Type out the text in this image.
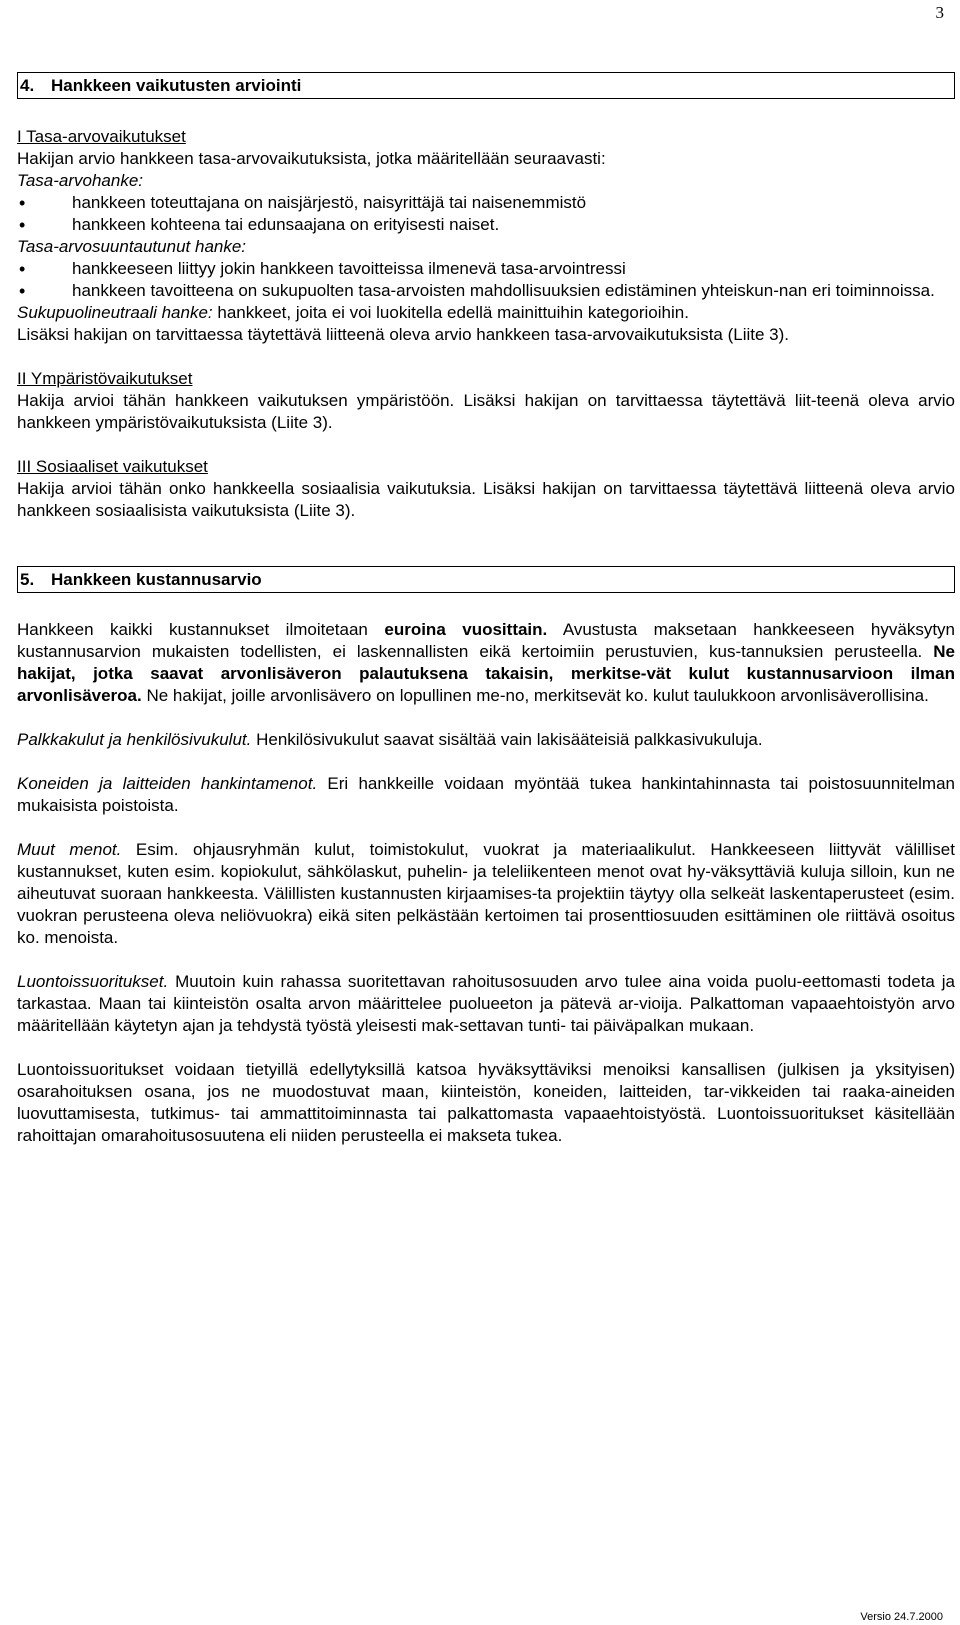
3
4. Hankkeen vaikutusten arviointi

I Tasa-arvovaikutukset

Hakijan arvio hankkeen tasa-arvovaikutuksista, jotka määritellään seuraavasti:

Tasa-arvohanke:

• hankkeen toteuttajana on naisjärjestö, naisyrittäjä tai naisenemmistö
• hankkeen kohteena tai edunsaajana on erityisesti naiset.

Tasa-arvosuuntautunut hanke:

• hankkeeseen liittyy jokin hankkeen tavoitteissa ilmenevä tasa-arvointressi
• hankkeen tavoitteena on sukupuolten tasa-arvoisten mahdollisuuksien edistäminen yhteiskun-nan eri toiminnoissa.

Sukupuolineutraali hanke: hankkeet, joita ei voi luokitella edellä mainittuihin kategorioihin.

Lisäksi hakijan on tarvittaessa täytettävä liitteenä oleva arvio hankkeen tasa-arvovaikutuksista (Liite 3).

II Ympäristövaikutukset

Hakija arvioi tähän hankkeen vaikutuksen ympäristöön. Lisäksi hakijan on tarvittaessa täytettävä liit-teenä oleva arvio hankkeen ympäristövaikutuksista (Liite 3).

III Sosiaaliset vaikutukset

Hakija arvioi tähän onko hankkeella sosiaalisia vaikutuksia. Lisäksi hakijan on tarvittaessa täytettävä liitteenä oleva arvio hankkeen sosiaalisista vaikutuksista (Liite 3).

5. Hankkeen kustannusarvio

Hankkeen kaikki kustannukset ilmoitetaan euroina vuosittain. Avustusta maksetaan hankkeeseen hyväksytyn kustannusarvion mukaisten todellisten, ei laskennallisten eikä kertoimiin perustuvien, kus-tannuksien perusteella. Ne hakijat, jotka saavat arvonlisäveron palautuksena takaisin, merkitse-vät kulut kustannusarvioon ilman arvonlisäveroa. Ne hakijat, joille arvonlisävero on lopullinen me-no, merkitsevät ko. kulut taulukkoon arvonlisäverollisina.

Palkkakulut ja henkilösivukulut. Henkilösivukulut saavat sisältää vain lakisääteisiä palkkasivukuluja.

Koneiden ja laitteiden hankintamenot. Eri hankkeille voidaan myöntää tukea hankintahinnasta tai poistosuunnitelman mukaisista poistoista.

Muut menot. Esim. ohjausryhmän kulut, toimistokulut, vuokrat ja materiaalikulut. Hankkeeseen liittyvät välilliset kustannukset, kuten esim. kopiokulut, sähkölaskut, puhelin- ja teleliikenteen menot ovat hy-väksyttäviä kuluja silloin, kun ne aiheutuvat suoraan hankkeesta. Välillisten kustannusten kirjaamises-ta projektiin täytyy olla selkeät laskentaperusteet (esim. vuokran perusteena oleva neliövuokra) eikä siten pelkästään kertoimen tai prosenttiosuuden esittäminen ole riittävä osoitus ko. menoista.

Luontoissuoritukset. Muutoin kuin rahassa suoritettavan rahoitusosuuden arvo tulee aina voida puolu-eettomasti todeta ja tarkastaa. Maan tai kiinteistön osalta arvon määrittelee puolueeton ja pätevä ar-vioija. Palkattoman vapaaehtoistyön arvo määritellään käytetyn ajan ja tehdystä työstä yleisesti mak-settavan tunti- tai päiväpalkan mukaan.

Luontoissuoritukset voidaan tietyillä edellytyksillä katsoa hyväksyttäviksi menoiksi kansallisen (julkisen ja yksityisen) osarahoituksen osana, jos ne muodostuvat maan, kiinteistön, koneiden, laitteiden, tar-vikkeiden tai raaka-aineiden luovuttamisesta, tutkimus- tai ammattitoiminnasta tai palkattomasta vapaaehtoistyöstä. Luontoissuoritukset käsitellään rahoittajan omarahoitusosuutena eli niiden perusteella ei makseta tukea.

Versio 24.7.2000
